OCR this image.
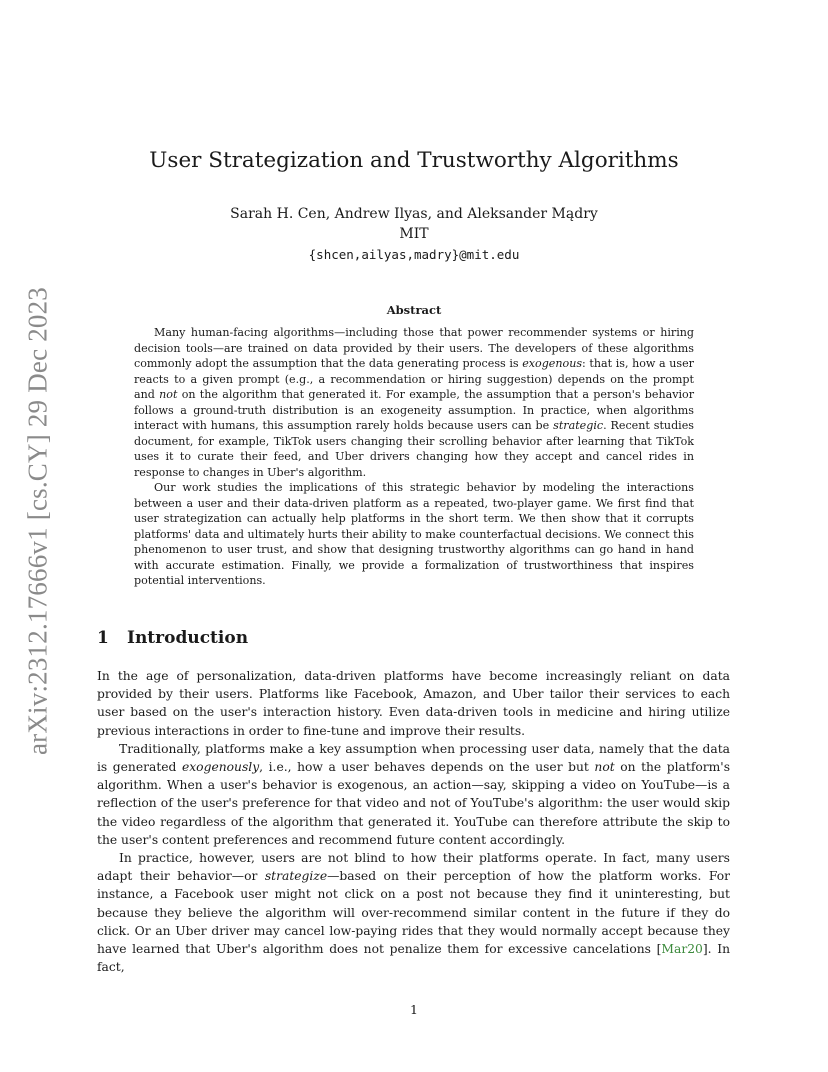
arXiv:2312.17666v1 [cs.CY] 29 Dec 2023
User Strategization and Trustworthy Algorithms
Sarah H. Cen, Andrew Ilyas, and Aleksander Mądry
MIT
{shcen,ailyas,madry}@mit.edu
Abstract

Many human-facing algorithms—including those that power recommender systems or hiring decision tools—are trained on data provided by their users. The developers of these algorithms commonly adopt the assumption that the data generating process is exogenous: that is, how a user reacts to a given prompt (e.g., a recommendation or hiring suggestion) depends on the prompt and not on the algorithm that generated it. For example, the assumption that a person's behavior follows a ground-truth distribution is an exogeneity assumption. In practice, when algorithms interact with humans, this assumption rarely holds because users can be strategic. Recent studies document, for example, TikTok users changing their scrolling behavior after learning that TikTok uses it to curate their feed, and Uber drivers changing how they accept and cancel rides in response to changes in Uber's algorithm.

Our work studies the implications of this strategic behavior by modeling the interactions between a user and their data-driven platform as a repeated, two-player game. We first find that user strategization can actually help platforms in the short term. We then show that it corrupts platforms' data and ultimately hurts their ability to make counterfactual decisions. We connect this phenomenon to user trust, and show that designing trustworthy algorithms can go hand in hand with accurate estimation. Finally, we provide a formalization of trustworthiness that inspires potential interventions.

1 Introduction

In the age of personalization, data-driven platforms have become increasingly reliant on data provided by their users. Platforms like Facebook, Amazon, and Uber tailor their services to each user based on the user's interaction history. Even data-driven tools in medicine and hiring utilize previous interactions in order to fine-tune and improve their results.

Traditionally, platforms make a key assumption when processing user data, namely that the data is generated exogenously, i.e., how a user behaves depends on the user but not on the platform's algorithm. When a user's behavior is exogenous, an action—say, skipping a video on YouTube—is a reflection of the user's preference for that video and not of YouTube's algorithm: the user would skip the video regardless of the algorithm that generated it. YouTube can therefore attribute the skip to the user's content preferences and recommend future content accordingly.

In practice, however, users are not blind to how their platforms operate. In fact, many users adapt their behavior—or strategize—based on their perception of how the platform works. For instance, a Facebook user might not click on a post not because they find it uninteresting, but because they believe the algorithm will over-recommend similar content in the future if they do click. Or an Uber driver may cancel low-paying rides that they would normally accept because they have learned that Uber's algorithm does not penalize them for excessive cancelations [Mar20]. In fact,

1
